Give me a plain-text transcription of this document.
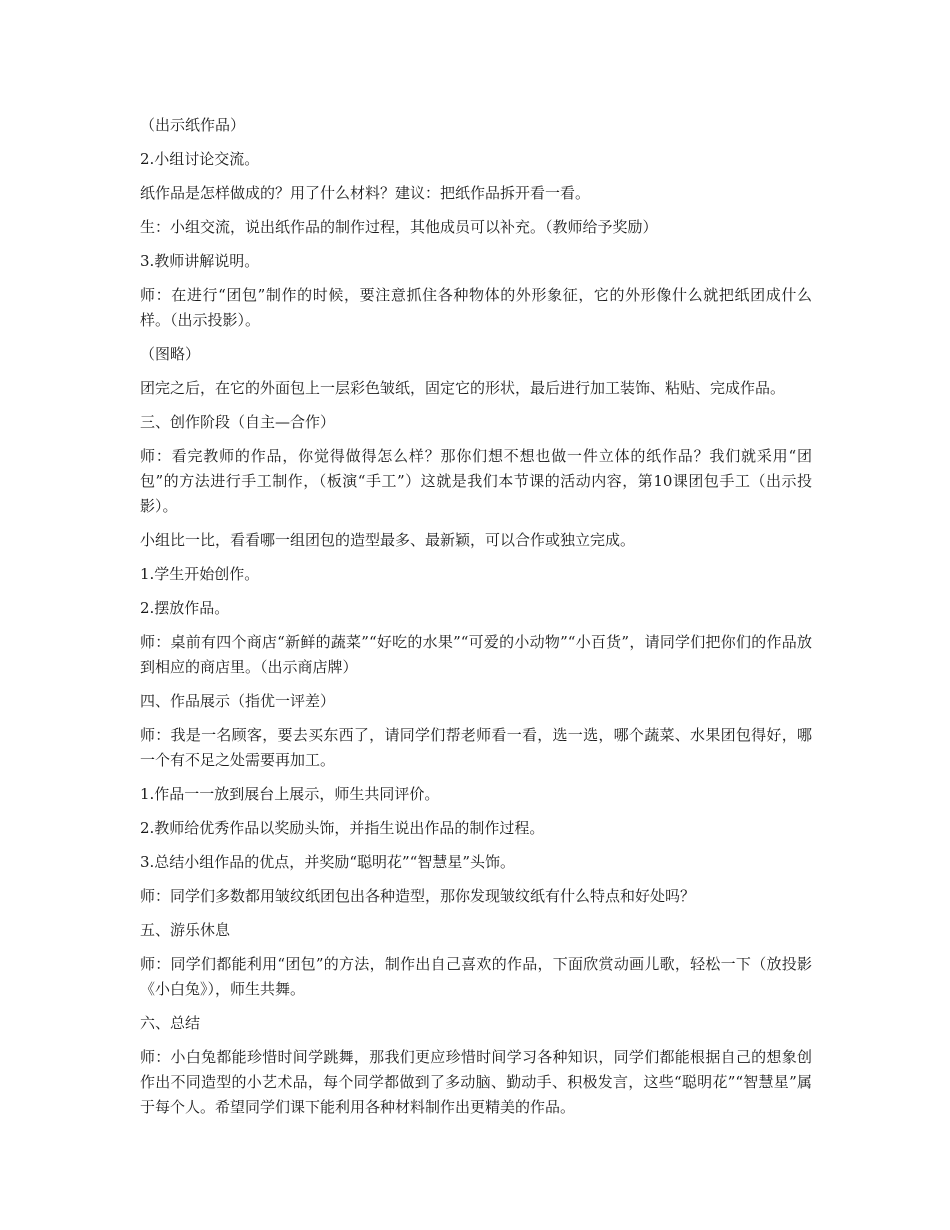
（出示纸作品）

2.小组讨论交流。

纸作品是怎样做成的？用了什么材料？建议：把纸作品拆开看一看。

生：小组交流，说出纸作品的制作过程，其他成员可以补充。（教师给予奖励）

3.教师讲解说明。

师：在进行“团包”制作的时候，要注意抓住各种物体的外形象征，它的外形像什么就把纸团成什么样。（出示投影）。

（图略）

团完之后，在它的外面包上一层彩色皱纸，固定它的形状，最后进行加工装饰、粘贴、完成作品。

三、创作阶段（自主—合作）

师：看完教师的作品，你觉得做得怎么样？那你们想不想也做一件立体的纸作品？我们就采用“团包”的方法进行手工制作，（板演“手工”）这就是我们本节课的活动内容，第10课团包手工（出示投影）。

小组比一比，看看哪一组团包的造型最多、最新颖，可以合作或独立完成。

1.学生开始创作。

2.摆放作品。

师：桌前有四个商店“新鲜的蔬菜”“好吃的水果”“可爱的小动物”“小百货”，请同学们把你们的作品放到相应的商店里。（出示商店牌）

四、作品展示（指优一评差）

师：我是一名顾客，要去买东西了，请同学们帮老师看一看，选一选，哪个蔬菜、水果团包得好，哪一个有不足之处需要再加工。

1.作品一一放到展台上展示，师生共同评价。

2.教师给优秀作品以奖励头饰，并指生说出作品的制作过程。

3.总结小组作品的优点，并奖励“聪明花”“智慧星”头饰。

师：同学们多数都用皱纹纸团包出各种造型，那你发现皱纹纸有什么特点和好处吗？

五、游乐休息

师：同学们都能利用“团包”的方法，制作出自己喜欢的作品，下面欣赏动画儿歌，轻松一下（放投影《小白兔》），师生共舞。

六、总结

师：小白兔都能珍惜时间学跳舞，那我们更应珍惜时间学习各种知识，同学们都能根据自己的想象创作出不同造型的小艺术品，每个同学都做到了多动脑、勤动手、积极发言，这些“聪明花”“智慧星”属于每个人。希望同学们课下能利用各种材料制作出更精美的作品。
